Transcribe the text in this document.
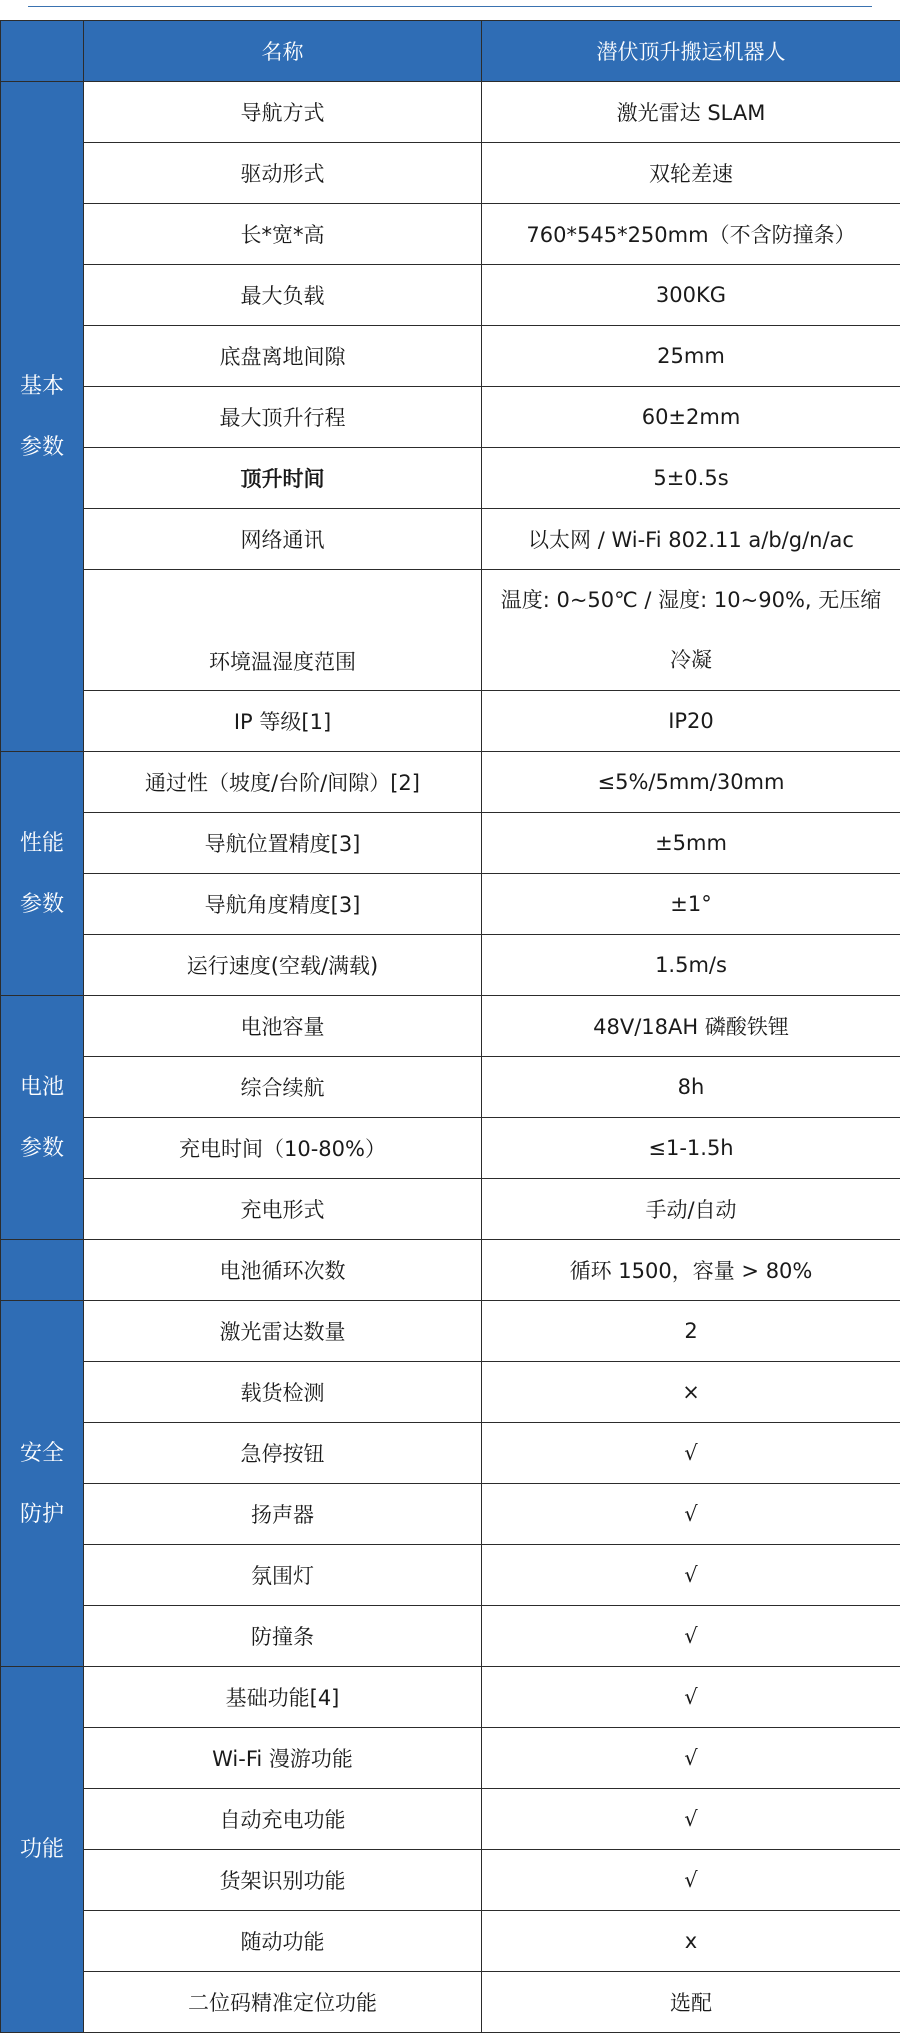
	名称	潜伏顶升搬运机器人

基本
参数	导航方式	激光雷达 SLAM
	驱动形式	双轮差速
	长*宽*高	760*545*250mm（不含防撞条）
	最大负载	300KG
	底盘离地间隙	25mm
	最大顶升行程	60±2mm
	顶升时间	5±0.5s
	网络通讯	以太网 / Wi-Fi 802.11 a/b/g/n/ac
	环境温湿度范围	温度: 0~50℃ / 湿度: 10~90%, 无压缩冷凝
	IP 等级[1]	IP20

性能
参数	通过性（坡度/台阶/间隙）[2]	≤5%/5mm/30mm
	导航位置精度[3]	±5mm
	导航角度精度[3]	±1°
	运行速度(空载/满载)	1.5m/s

电池
参数	电池容量	48V/18AH 磷酸铁锂
	综合续航	8h
	充电时间（10-80%）	≤1-1.5h
	充电形式	手动/自动
	电池循环次数	循环 1500，容量 > 80%

安全
防护	激光雷达数量	2
	载货检测	×
	急停按钮	√
	扬声器	√
	氛围灯	√
	防撞条	√

功能	基础功能[4]	√
	Wi-Fi 漫游功能	√
	自动充电功能	√
	货架识别功能	√
	随动功能	x
	二位码精准定位功能	选配
